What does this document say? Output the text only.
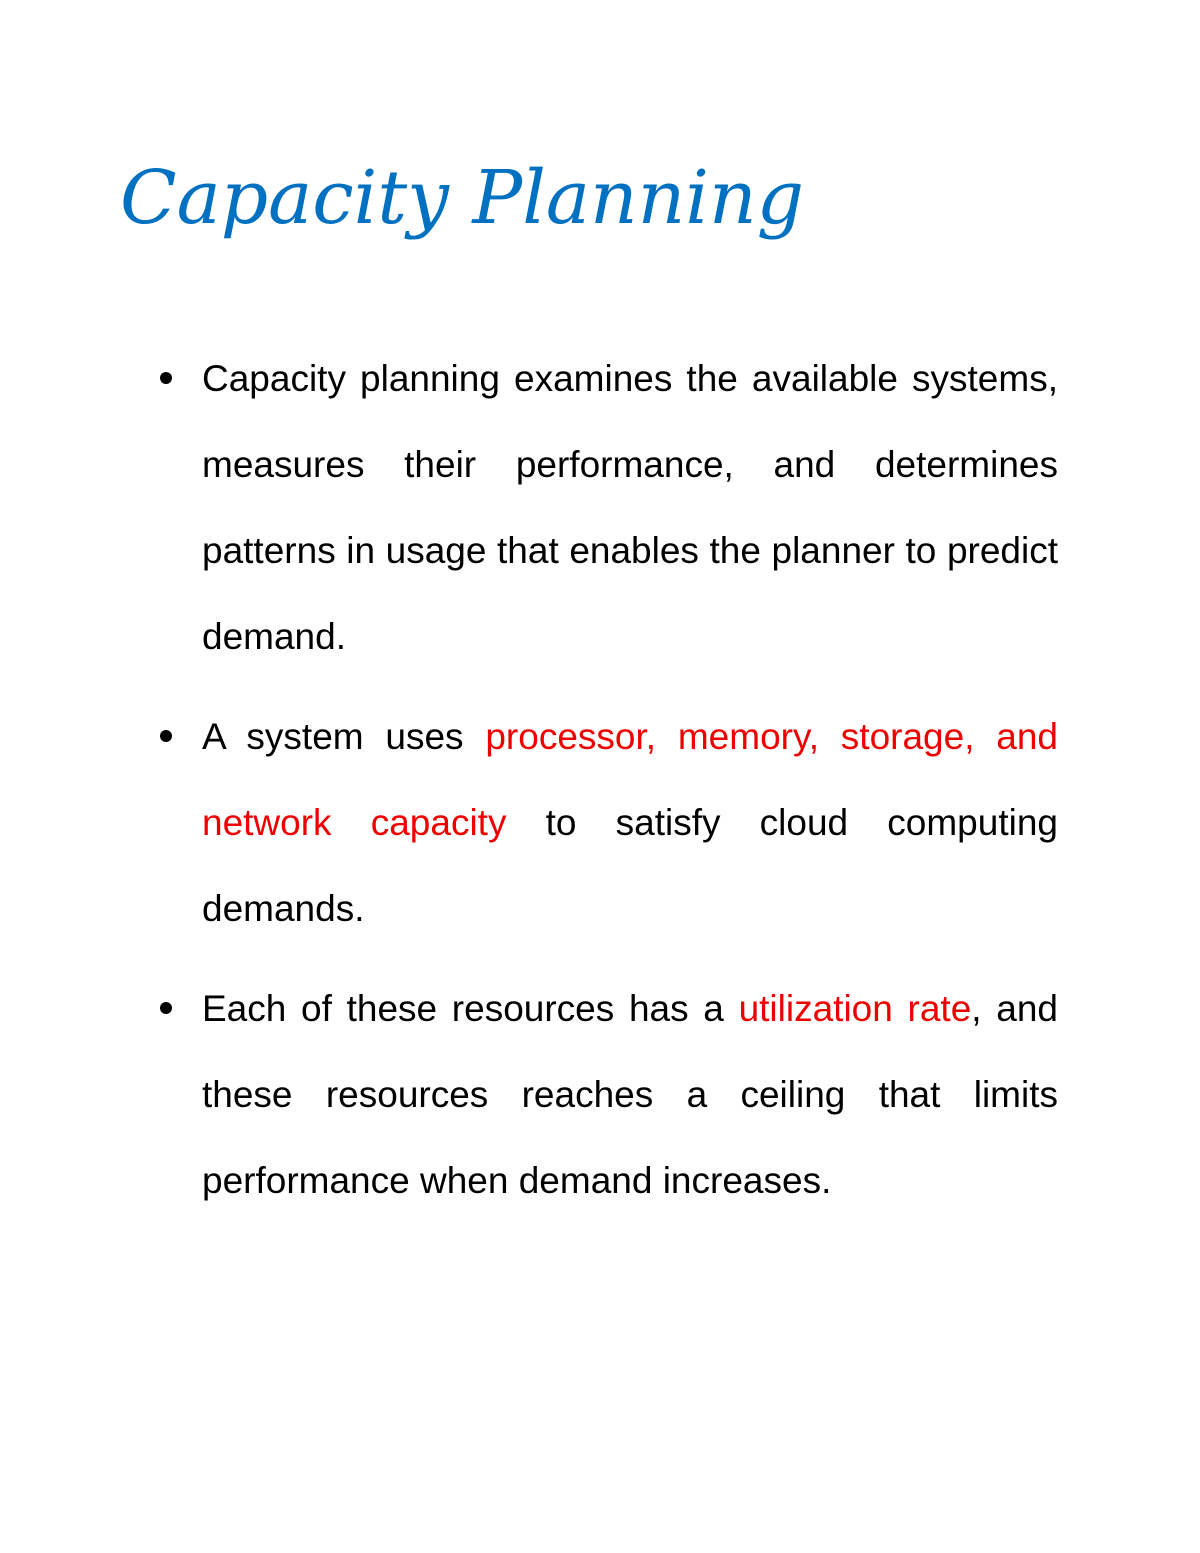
Capacity Planning
Capacity planning examines the available systems, measures their performance, and determines patterns in usage that enables the planner to predict demand.
A system uses processor, memory, storage, and network capacity to satisfy cloud computing demands.
Each of these resources has a utilization rate, and these resources reaches a ceiling that limits performance when demand increases.
